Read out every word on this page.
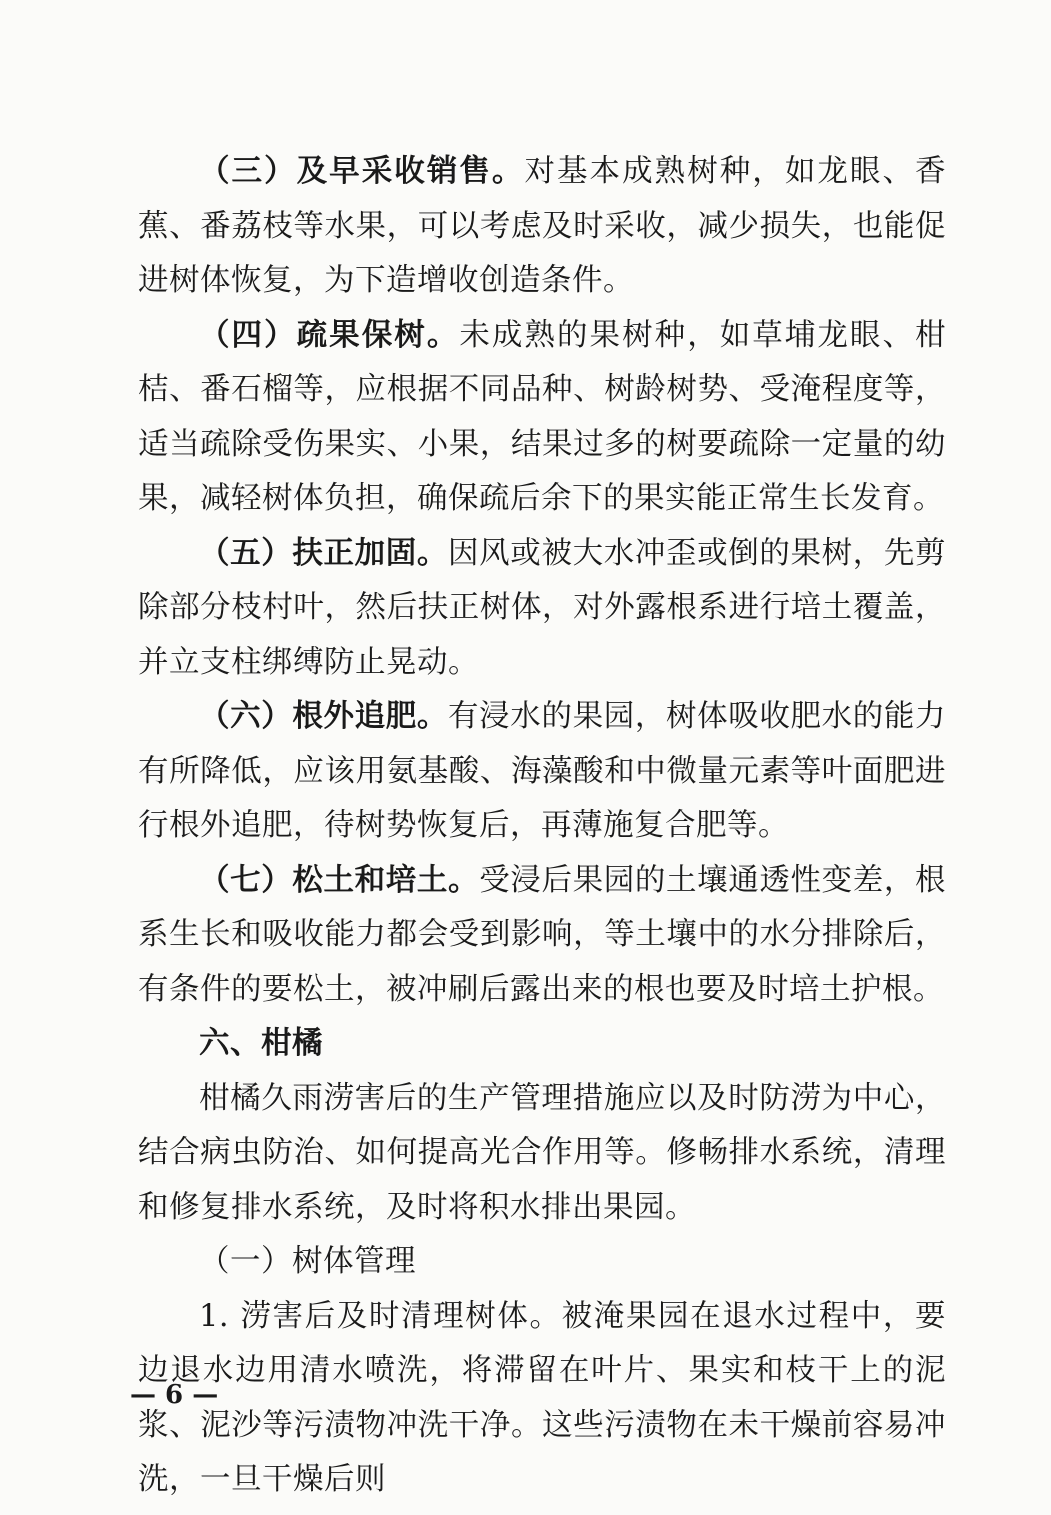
（三）及早采收销售。对基本成熟树种，如龙眼、香蕉、番荔枝等水果，可以考虑及时采收，减少损失，也能促进树体恢复，为下造增收创造条件。

（四）疏果保树。未成熟的果树种，如草埔龙眼、柑桔、番石榴等，应根据不同品种、树龄树势、受淹程度等，适当疏除受伤果实、小果，结果过多的树要疏除一定量的幼果，减轻树体负担，确保疏后余下的果实能正常生长发育。

（五）扶正加固。因风或被大水冲歪或倒的果树，先剪除部分枝村叶，然后扶正树体，对外露根系进行培土覆盖，并立支柱绑缚防止晃动。

（六）根外追肥。有浸水的果园，树体吸收肥水的能力有所降低，应该用氨基酸、海藻酸和中微量元素等叶面肥进行根外追肥，待树势恢复后，再薄施复合肥等。

（七）松土和培土。受浸后果园的土壤通透性变差，根系生长和吸收能力都会受到影响，等土壤中的水分排除后，有条件的要松土，被冲刷后露出来的根也要及时培土护根。

六、柑橘

柑橘久雨涝害后的生产管理措施应以及时防涝为中心，结合病虫防治、如何提高光合作用等。修畅排水系统，清理和修复排水系统，及时将积水排出果园。

（一）树体管理

1. 涝害后及时清理树体。被淹果园在退水过程中，要边退水边用清水喷洗，将滞留在叶片、果实和枝干上的泥浆、泥沙等污渍物冲洗干净。这些污渍物在未干燥前容易冲洗，一旦干燥后则

— 6 —
